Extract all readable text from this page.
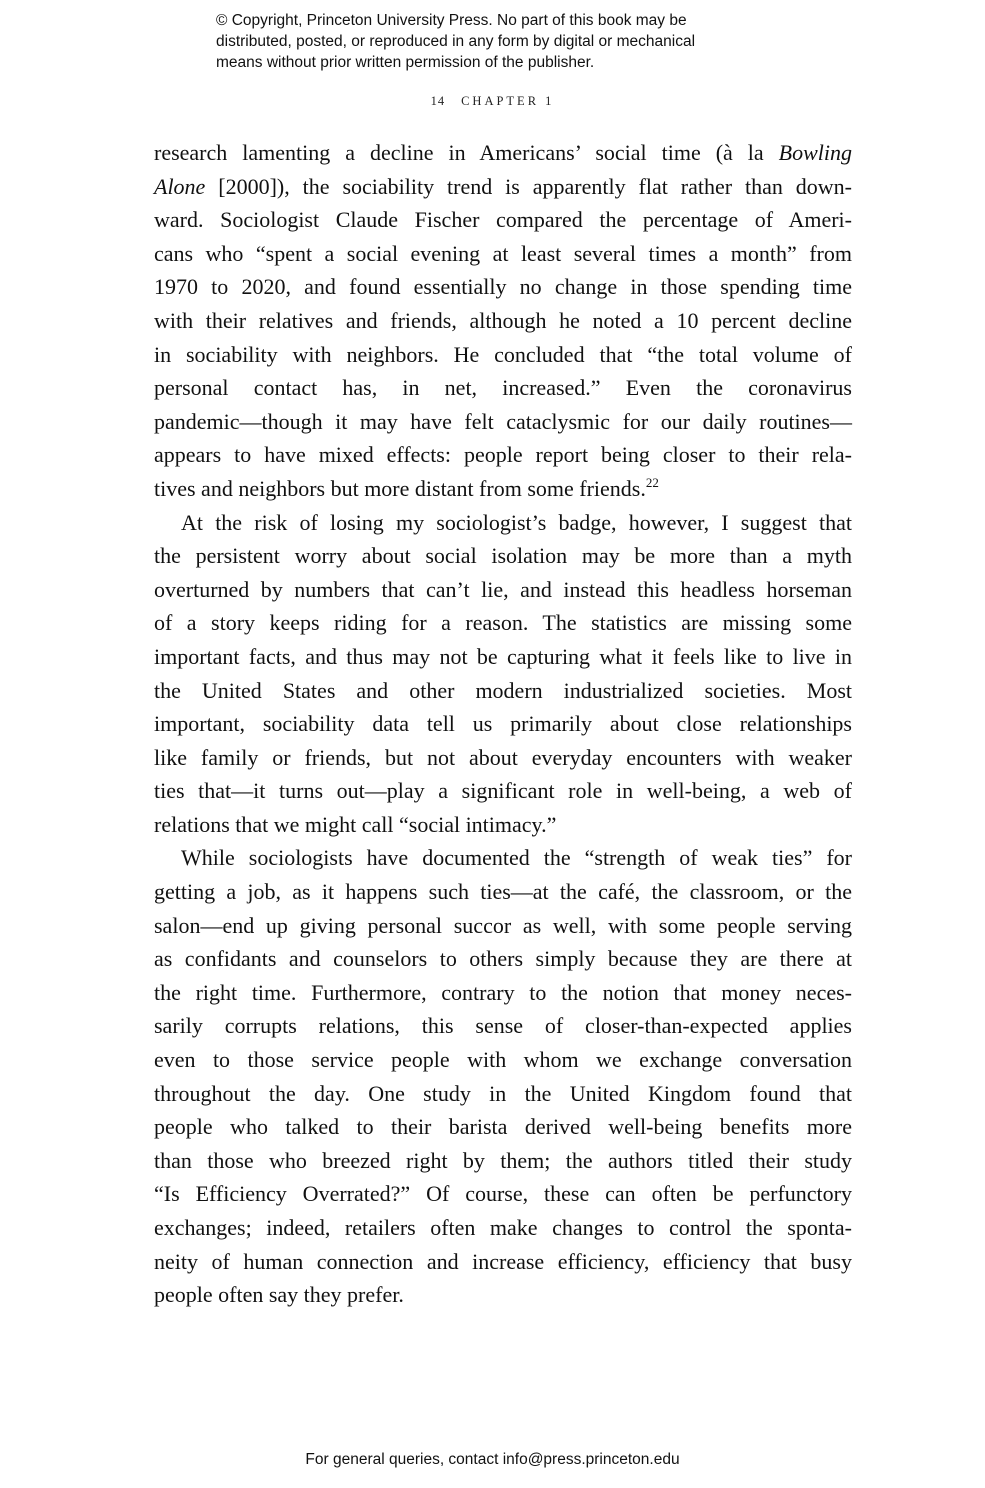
© Copyright, Princeton University Press. No part of this book may be
distributed, posted, or reproduced in any form by digital or mechanical
means without prior written permission of the publisher.
14 CHAPTER 1
research lamenting a decline in Americans’ social time (à la Bowling
Alone [2000]), the sociability trend is apparently flat rather than down-
ward. Sociologist Claude Fischer compared the percentage of Ameri-
cans who “spent a social evening at least several times a month” from
1970 to 2020, and found essentially no change in those spending time
with their relatives and friends, although he noted a 10 percent decline
in sociability with neighbors. He concluded that “the total volume of
personal contact has, in net, increased.” Even the coronavirus
pandemic—though it may have felt cataclysmic for our daily routines—
appears to have mixed effects: people report being closer to their rela-
tives and neighbors but more distant from some friends.$^{22}$
At the risk of losing my sociologist’s badge, however, I suggest that
the persistent worry about social isolation may be more than a myth
overturned by numbers that can’t lie, and instead this headless horseman
of a story keeps riding for a reason. The statistics are missing some
important facts, and thus may not be capturing what it feels like to live in
the United States and other modern industrialized societies. Most
important, sociability data tell us primarily about close relationships
like family or friends, but not about everyday encounters with weaker
ties that—it turns out—play a significant role in well-being, a web of
relations that we might call “social intimacy.”
While sociologists have documented the “strength of weak ties” for
getting a job, as it happens such ties—at the café, the classroom, or the
salon—end up giving personal succor as well, with some people serving
as confidants and counselors to others simply because they are there at
the right time. Furthermore, contrary to the notion that money neces-
sarily corrupts relations, this sense of closer-than-expected applies
even to those service people with whom we exchange conversation
throughout the day. One study in the United Kingdom found that
people who talked to their barista derived well-being benefits more
than those who breezed right by them; the authors titled their study
“Is Efficiency Overrated?” Of course, these can often be perfunctory
exchanges; indeed, retailers often make changes to control the sponta-
neity of human connection and increase efficiency, efficiency that busy
people often say they prefer.
For general queries, contact info@press.princeton.edu
